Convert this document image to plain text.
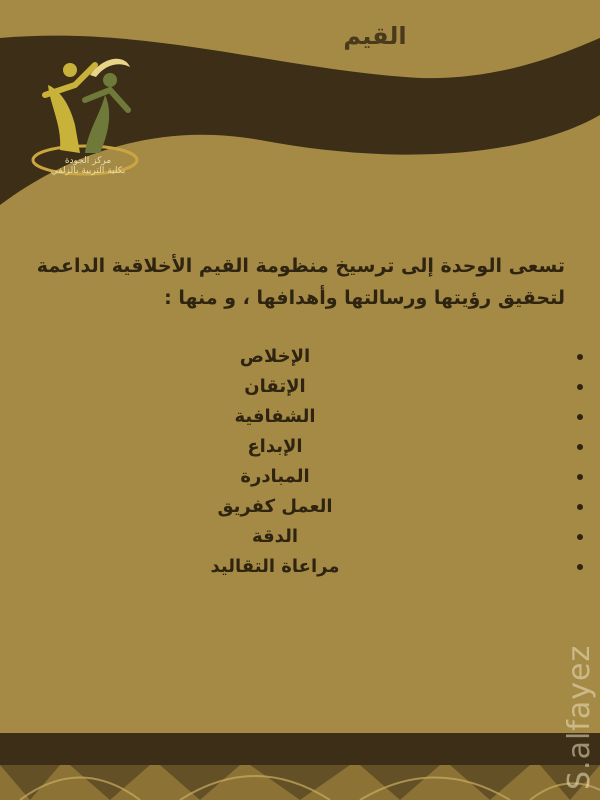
القيم
مركز الجودة
بكلية التربية بالزلفي
تسعى الوحدة إلى ترسيخ منظومة القيم الأخلاقية الداعمة لتحقيق رؤيتها ورسالتها وأهدافها ، و منها :
الإخلاص
الإتقان
الشفافية
الإبداع
المبادرة
العمل كفريق
الدقة
مراعاة التقاليد
S.alfayez
